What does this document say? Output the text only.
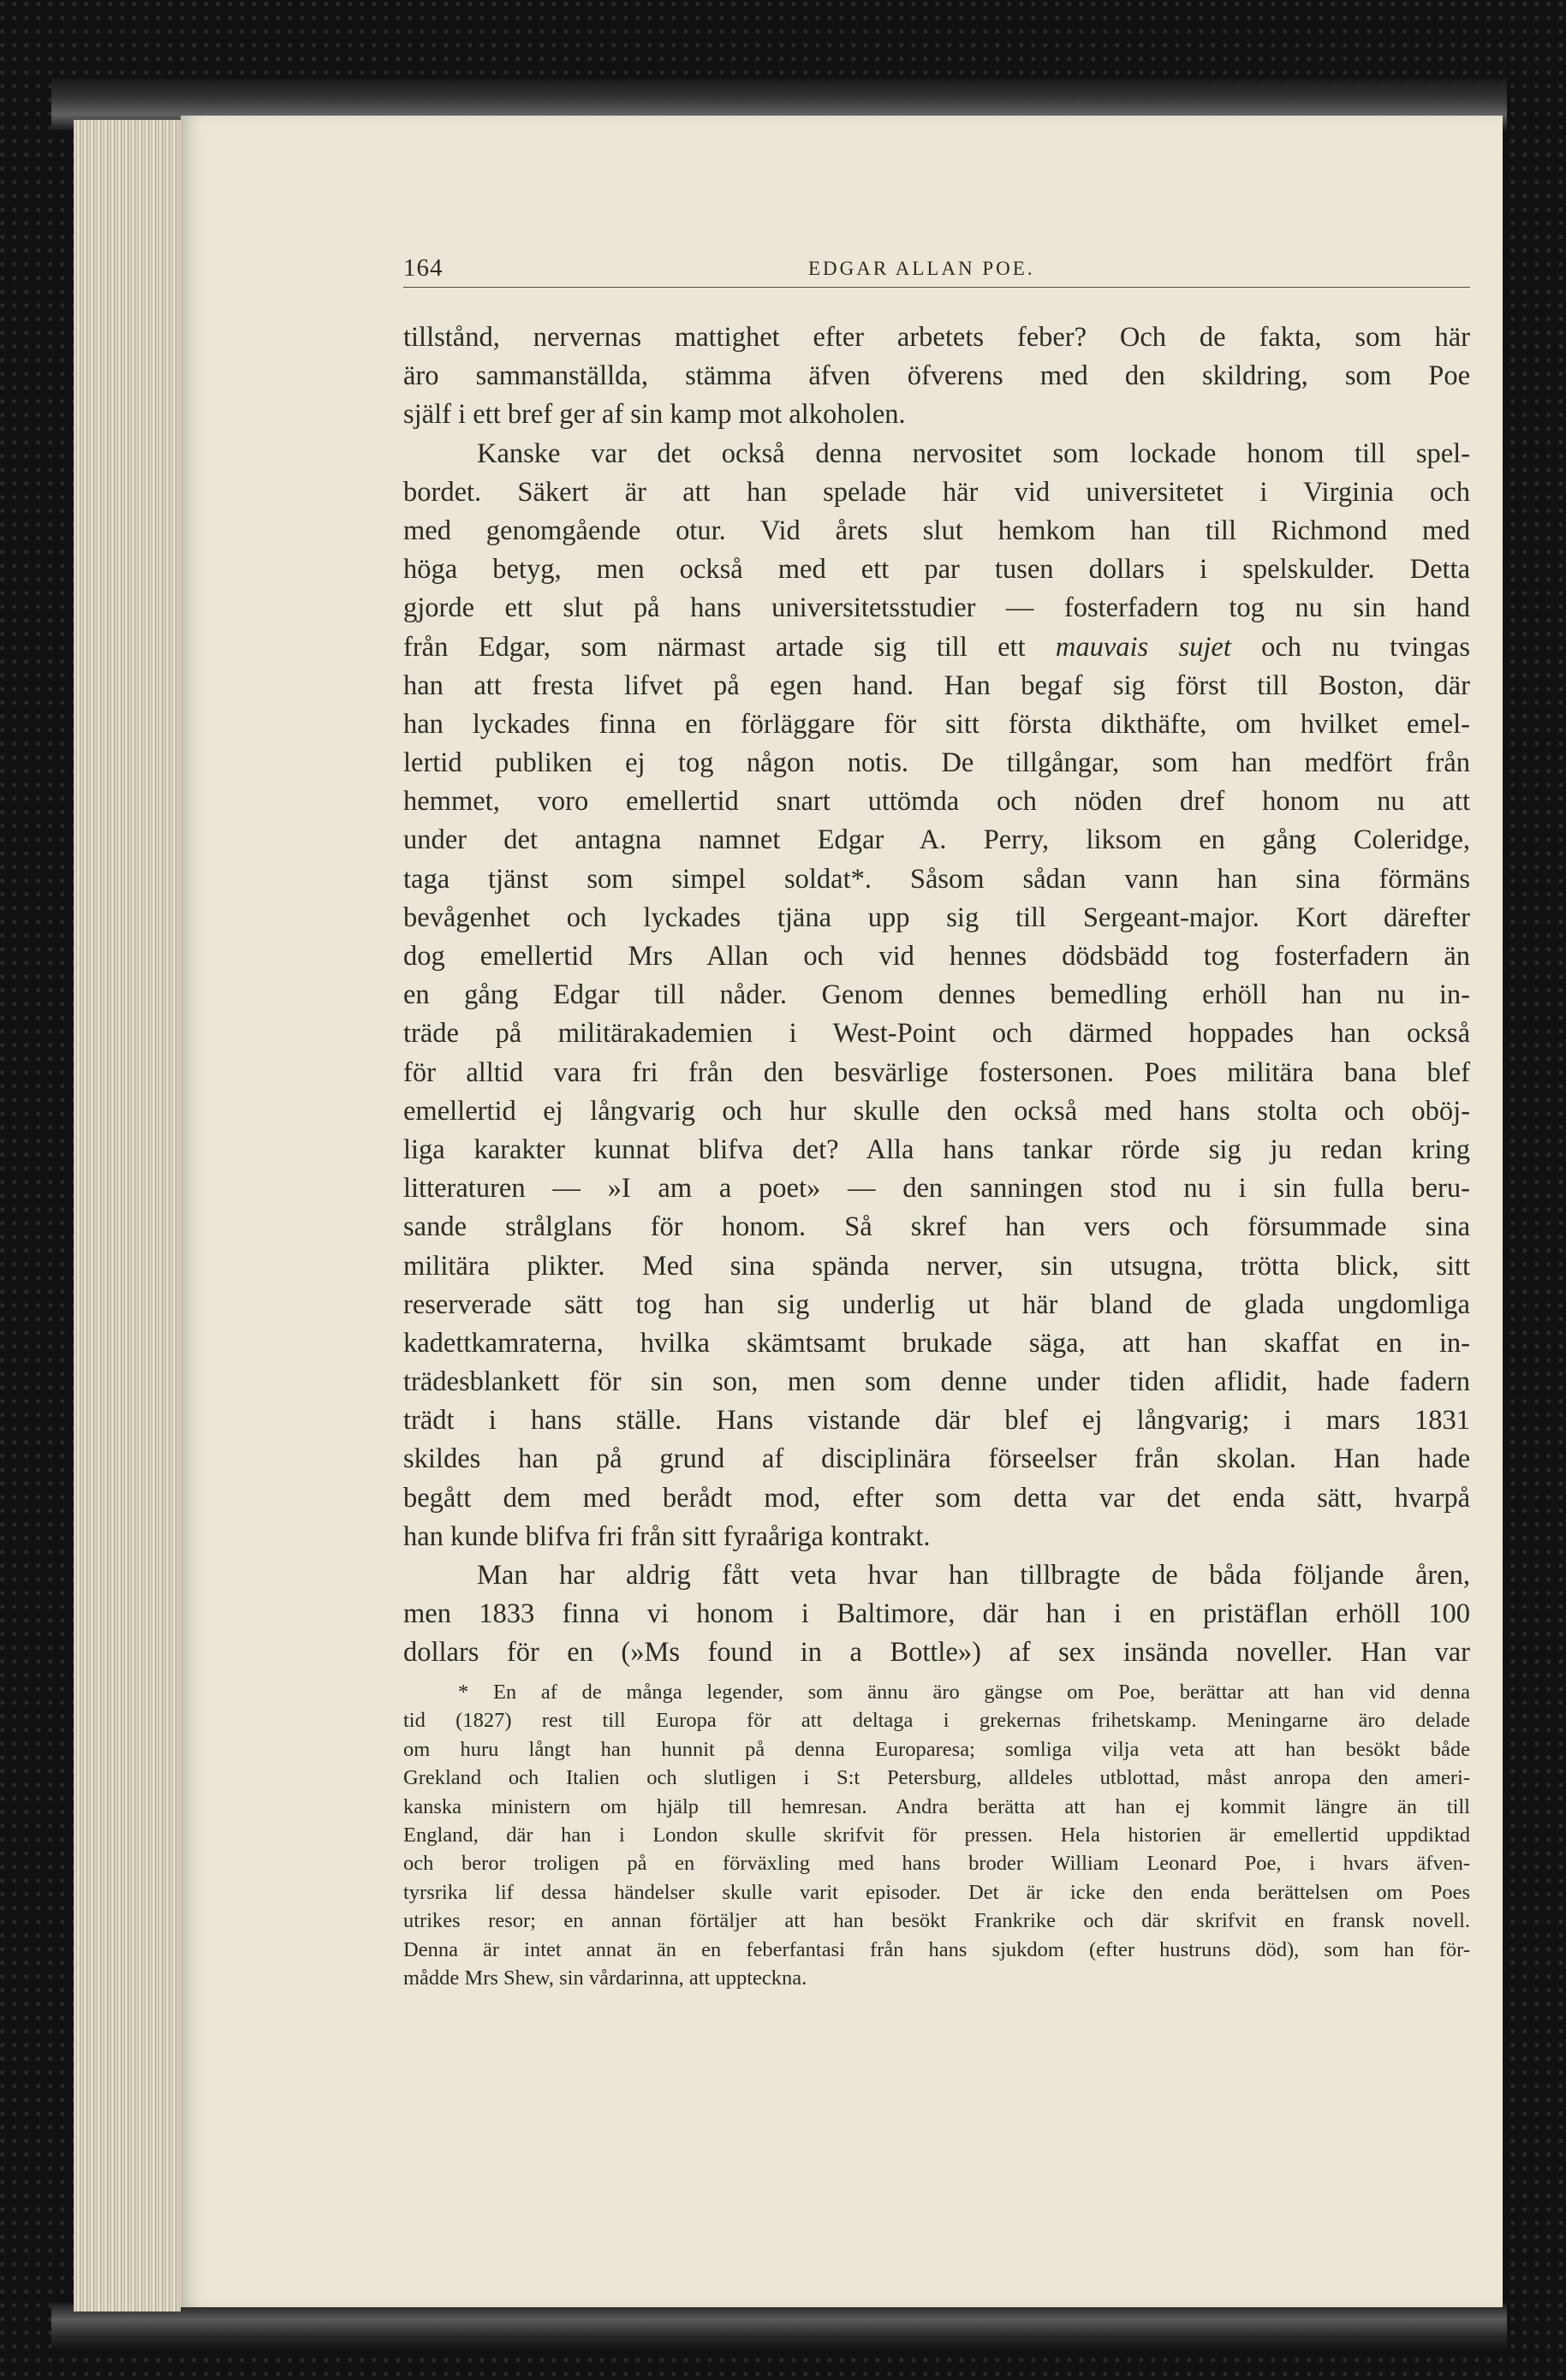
164	EDGAR ALLAN POE.
tillstånd, nervernas mattighet efter arbetets feber? Och de fakta, som här
äro sammanställda, stämma äfven öfverens med den skildring, som Poe
själf i ett bref ger af sin kamp mot alkoholen.
Kanske var det också denna nervositet som lockade honom till spel-
bordet. Säkert är att han spelade här vid universitetet i Virginia och
med genomgående otur. Vid årets slut hemkom han till Richmond med
höga betyg, men också med ett par tusen dollars i spelskulder. Detta
gjorde ett slut på hans universitetsstudier — fosterfadern tog nu sin hand
från Edgar, som närmast artade sig till ett mauvais sujet och nu tvingas
han att fresta lifvet på egen hand. Han begaf sig först till Boston, där
han lyckades finna en förläggare för sitt första dikthäfte, om hvilket emel-
lertid publiken ej tog någon notis. De tillgångar, som han medfört från
hemmet, voro emellertid snart uttömda och nöden dref honom nu att
under det antagna namnet Edgar A. Perry, liksom en gång Coleridge,
taga tjänst som simpel soldat*. Såsom sådan vann han sina förmäns
bevågenhet och lyckades tjäna upp sig till Sergeant-major. Kort därefter
dog emellertid Mrs Allan och vid hennes dödsbädd tog fosterfadern än
en gång Edgar till nåder. Genom dennes bemedling erhöll han nu in-
träde på militärakademien i West-Point och därmed hoppades han också
för alltid vara fri från den besvärlige fostersonen. Poes militära bana blef
emellertid ej långvarig och hur skulle den också med hans stolta och oböj-
liga karakter kunnat blifva det? Alla hans tankar rörde sig ju redan kring
litteraturen — »I am a poet» — den sanningen stod nu i sin fulla beru-
sande strålglans för honom. Så skref han vers och försummade sina
militära plikter. Med sina spända nerver, sin utsugna, trötta blick, sitt
reserverade sätt tog han sig underlig ut här bland de glada ungdomliga
kadettkamraterna, hvilka skämtsamt brukade säga, att han skaffat en in-
trädesblankett för sin son, men som denne under tiden aflidit, hade fadern
trädt i hans ställe. Hans vistande där blef ej långvarig; i mars 1831
skildes han på grund af disciplinära förseelser från skolan. Han hade
begått dem med berådt mod, efter som detta var det enda sätt, hvarpå
han kunde blifva fri från sitt fyraåriga kontrakt.
Man har aldrig fått veta hvar han tillbragte de båda följande åren,
men 1833 finna vi honom i Baltimore, där han i en pristäflan erhöll 100
dollars för en (»Ms found in a Bottle») af sex insända noveller. Han var
* En af de många legender, som ännu äro gängse om Poe, berättar att han vid denna
tid (1827) rest till Europa för att deltaga i grekernas frihetskamp. Meningarne äro delade
om huru långt han hunnit på denna Europaresa; somliga vilja veta att han besökt både
Grekland och Italien och slutligen i S:t Petersburg, alldeles utblottad, måst anropa den ameri-
kanska ministern om hjälp till hemresan. Andra berätta att han ej kommit längre än till
England, där han i London skulle skrifvit för pressen. Hela historien är emellertid uppdiktad
och beror troligen på en förväxling med hans broder William Leonard Poe, i hvars äfven-
tyrsrika lif dessa händelser skulle varit episoder. Det är icke den enda berättelsen om Poes
utrikes resor; en annan förtäljer att han besökt Frankrike och där skrifvit en fransk novell.
Denna är intet annat än en feberfantasi från hans sjukdom (efter hustruns död), som han för-
mådde Mrs Shew, sin vårdarinna, att uppteckna.
